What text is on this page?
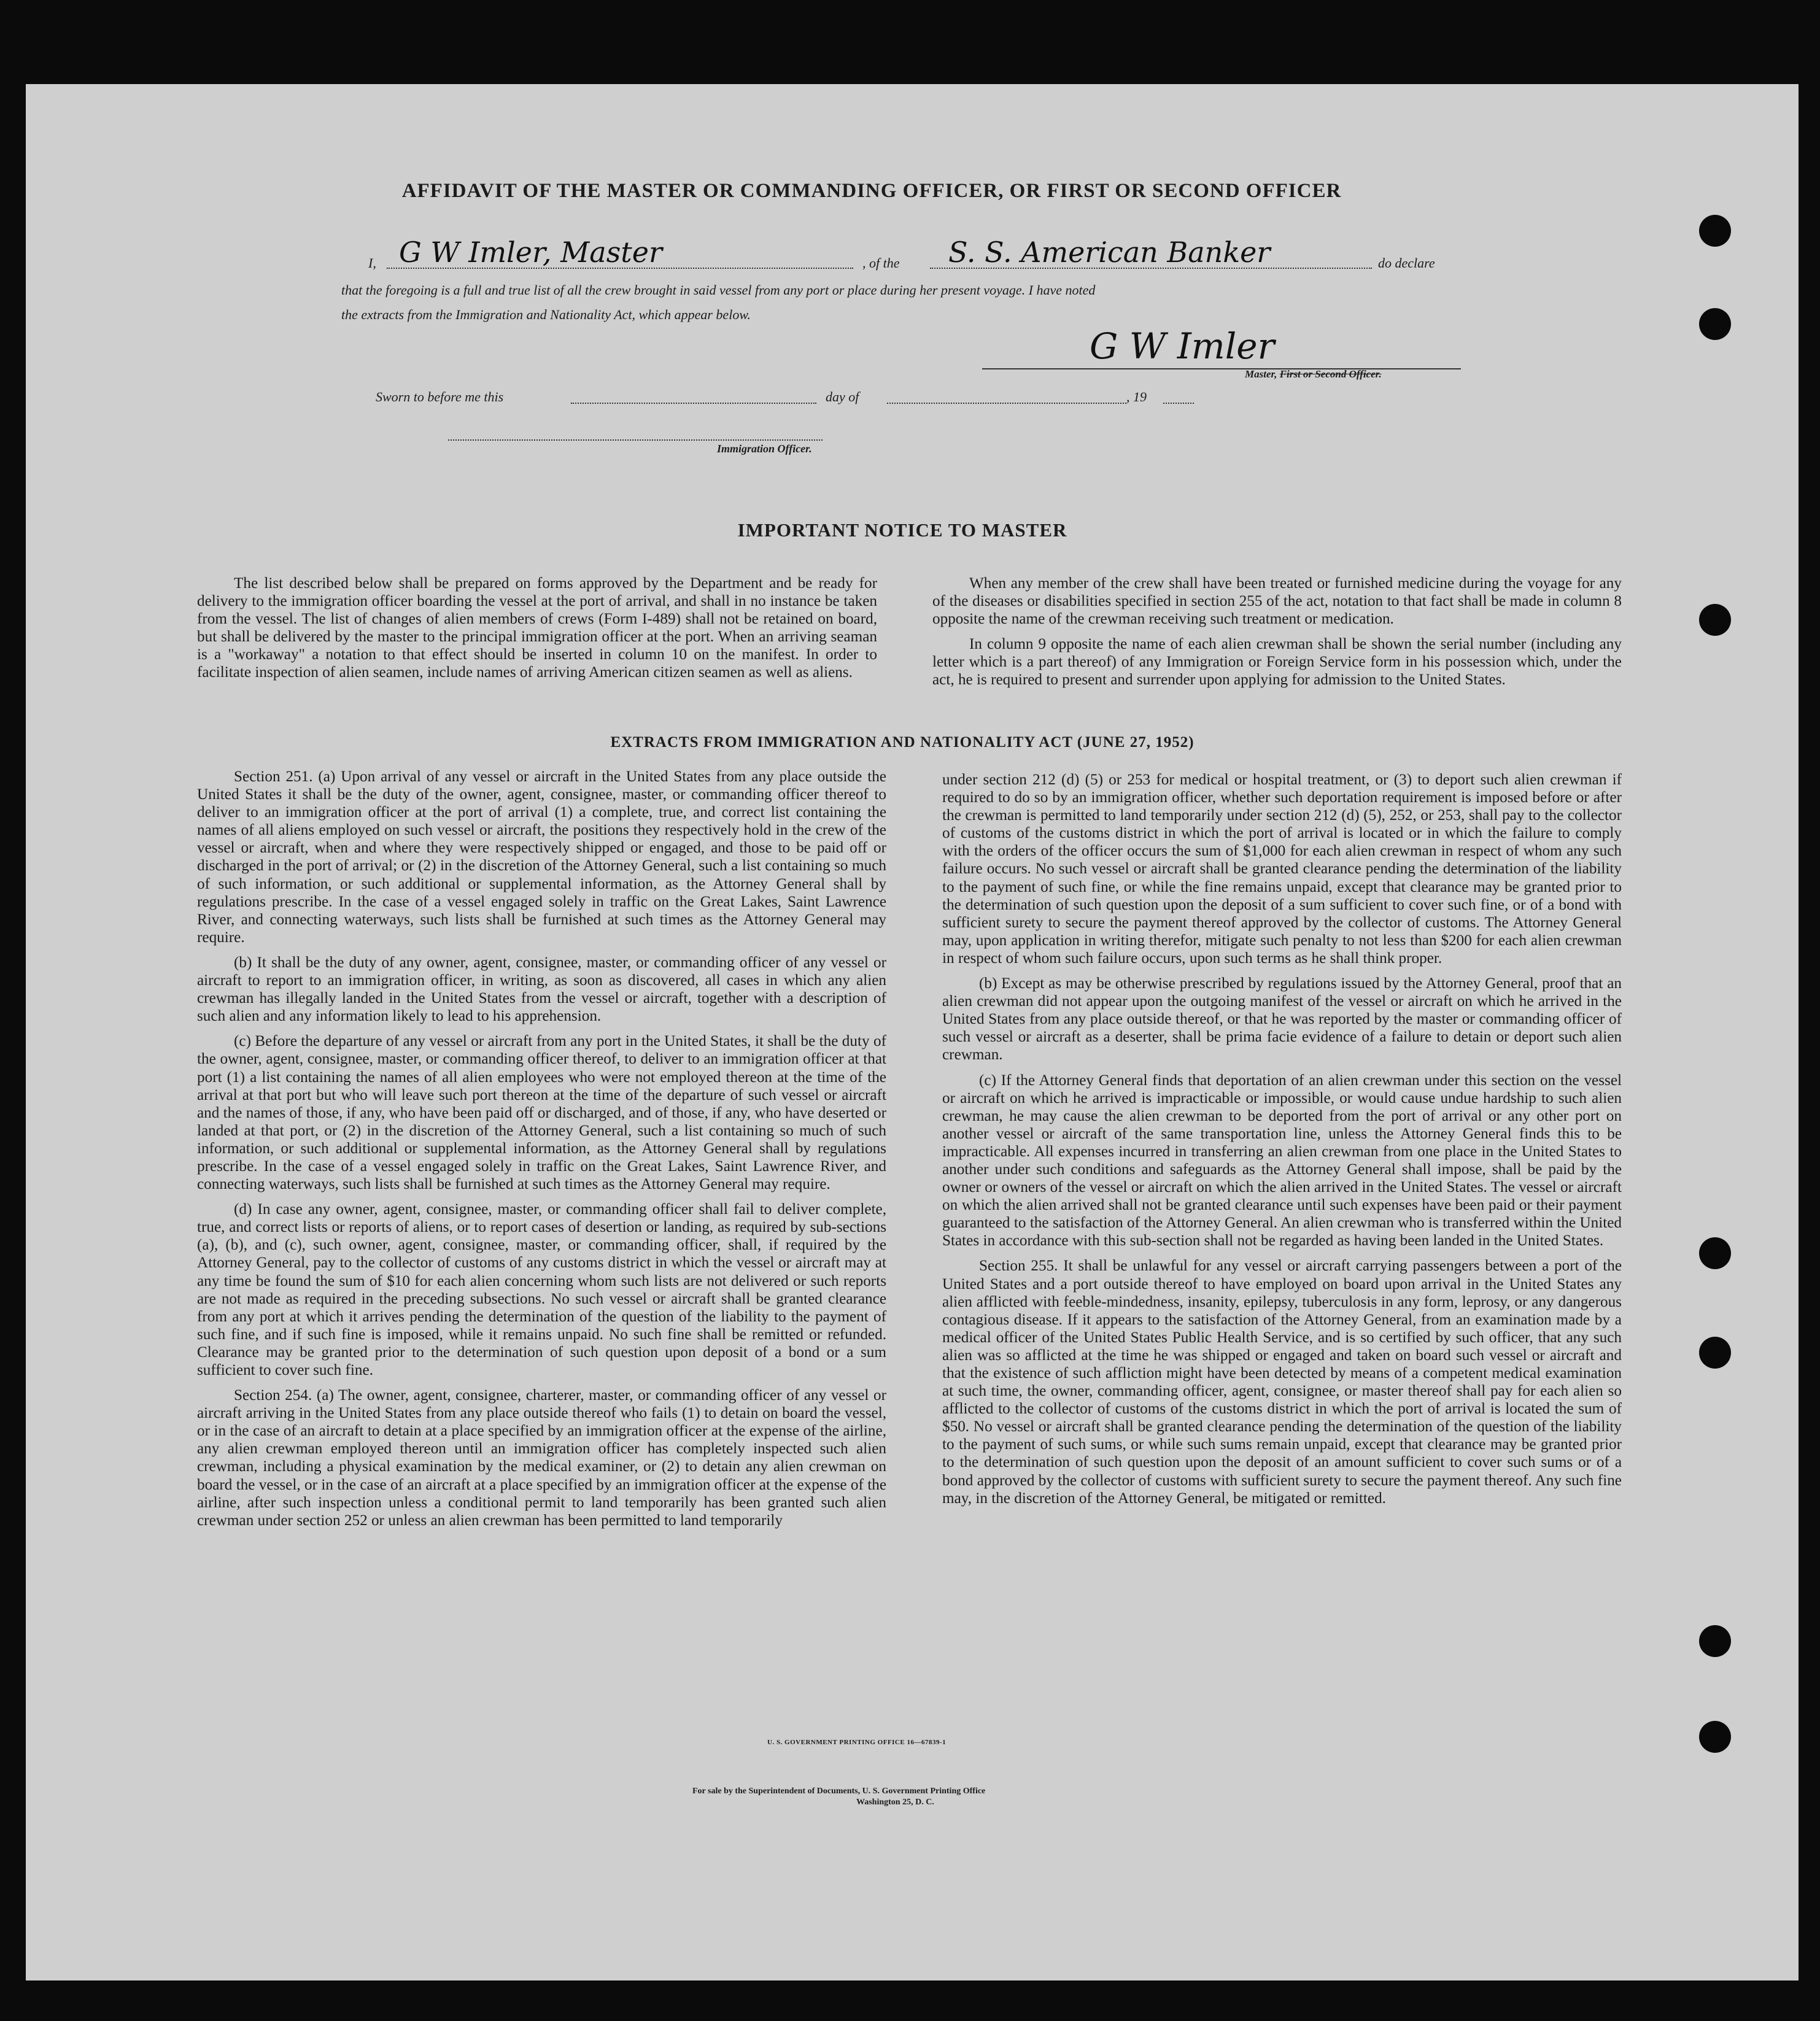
AFFIDAVIT OF THE MASTER OR COMMANDING OFFICER, OR FIRST OR SECOND OFFICER
I, G W Imler, Master	, of the S. S. American Banker	do declare
that the foregoing is a full and true list of all the crew brought in said vessel from any port or place during her present voyage. I have noted
the extracts from the Immigration and Nationality Act, which appear below.
G W Imler
Master, First or Second Officer.
Sworn to before me this	day of	, 19
Immigration Officer.
IMPORTANT NOTICE TO MASTER

The list described below shall be prepared on forms approved by the Department and be ready for delivery to the immigration officer boarding the vessel at the port of arrival, and shall in no instance be taken from the vessel. The list of changes of alien members of crews (Form I-489) shall not be retained on board, but shall be delivered by the master to the principal immigration officer at the port. When an arriving seaman is a "workaway" a notation to that effect should be inserted in column 10 on the manifest. In order to facilitate inspection of alien seamen, include names of arriving American citizen seamen as well as aliens.

When any member of the crew shall have been treated or furnished medicine during the voyage for any of the diseases or disabilities specified in section 255 of the act, notation to that fact shall be made in column 8 opposite the name of the crewman receiving such treatment or medication.

In column 9 opposite the name of each alien crewman shall be shown the serial number (including any letter which is a part thereof) of any Immigration or Foreign Service form in his possession which, under the act, he is required to present and surrender upon applying for admission to the United States.

EXTRACTS FROM IMMIGRATION AND NATIONALITY ACT (JUNE 27, 1952)

Section 251. (a) Upon arrival of any vessel or aircraft in the United States from any place outside the United States it shall be the duty of the owner, agent, consignee, master, or commanding officer thereof to deliver to an immigration officer at the port of arrival (1) a complete, true, and correct list containing the names of all aliens employed on such vessel or aircraft, the positions they respectively hold in the crew of the vessel or aircraft, when and where they were respectively shipped or engaged, and those to be paid off or discharged in the port of arrival; or (2) in the discretion of the Attorney General, such a list containing so much of such information, or such additional or supplemental information, as the Attorney General shall by regulations prescribe. In the case of a vessel engaged solely in traffic on the Great Lakes, Saint Lawrence River, and connecting waterways, such lists shall be furnished at such times as the Attorney General may require.

(b) It shall be the duty of any owner, agent, consignee, master, or commanding officer of any vessel or aircraft to report to an immigration officer, in writing, as soon as discovered, all cases in which any alien crewman has illegally landed in the United States from the vessel or aircraft, together with a description of such alien and any information likely to lead to his apprehension.

(c) Before the departure of any vessel or aircraft from any port in the United States, it shall be the duty of the owner, agent, consignee, master, or commanding officer thereof, to deliver to an immigration officer at that port (1) a list containing the names of all alien employees who were not employed thereon at the time of the arrival at that port but who will leave such port thereon at the time of the departure of such vessel or aircraft and the names of those, if any, who have been paid off or discharged, and of those, if any, who have deserted or landed at that port, or (2) in the discretion of the Attorney General, such a list containing so much of such information, or such additional or supplemental information, as the Attorney General shall by regulations prescribe. In the case of a vessel engaged solely in traffic on the Great Lakes, Saint Lawrence River, and connecting waterways, such lists shall be furnished at such times as the Attorney General may require.

(d) In case any owner, agent, consignee, master, or commanding officer shall fail to deliver complete, true, and correct lists or reports of aliens, or to report cases of desertion or landing, as required by sub-sections (a), (b), and (c), such owner, agent, consignee, master, or commanding officer, shall, if required by the Attorney General, pay to the collector of customs of any customs district in which the vessel or aircraft may at any time be found the sum of $10 for each alien concerning whom such lists are not delivered or such reports are not made as required in the preceding subsections. No such vessel or aircraft shall be granted clearance from any port at which it arrives pending the determination of the question of the liability to the payment of such fine, and if such fine is imposed, while it remains unpaid. No such fine shall be remitted or refunded. Clearance may be granted prior to the determination of such question upon deposit of a bond or a sum sufficient to cover such fine.

Section 254. (a) The owner, agent, consignee, charterer, master, or commanding officer of any vessel or aircraft arriving in the United States from any place outside thereof who fails (1) to detain on board the vessel, or in the case of an aircraft to detain at a place specified by an immigration officer at the expense of the airline, any alien crewman employed thereon until an immigration officer has completely inspected such alien crewman, including a physical examination by the medical examiner, or (2) to detain any alien crewman on board the vessel, or in the case of an aircraft at a place specified by an immigration officer at the expense of the airline, after such inspection unless a conditional permit to land temporarily has been granted such alien crewman under section 252 or unless an alien crewman has been permitted to land temporarily

under section 212 (d) (5) or 253 for medical or hospital treatment, or (3) to deport such alien crewman if required to do so by an immigration officer, whether such deportation requirement is imposed before or after the crewman is permitted to land temporarily under section 212 (d) (5), 252, or 253, shall pay to the collector of customs of the customs district in which the port of arrival is located or in which the failure to comply with the orders of the officer occurs the sum of $1,000 for each alien crewman in respect of whom any such failure occurs. No such vessel or aircraft shall be granted clearance pending the determination of the liability to the payment of such fine, or while the fine remains unpaid, except that clearance may be granted prior to the determination of such question upon the deposit of a sum sufficient to cover such fine, or of a bond with sufficient surety to secure the payment thereof approved by the collector of customs. The Attorney General may, upon application in writing therefor, mitigate such penalty to not less than $200 for each alien crewman in respect of whom such failure occurs, upon such terms as he shall think proper.

(b) Except as may be otherwise prescribed by regulations issued by the Attorney General, proof that an alien crewman did not appear upon the outgoing manifest of the vessel or aircraft on which he arrived in the United States from any place outside thereof, or that he was reported by the master or commanding officer of such vessel or aircraft as a deserter, shall be prima facie evidence of a failure to detain or deport such alien crewman.

(c) If the Attorney General finds that deportation of an alien crewman under this section on the vessel or aircraft on which he arrived is impracticable or impossible, or would cause undue hardship to such alien crewman, he may cause the alien crewman to be deported from the port of arrival or any other port on another vessel or aircraft of the same transportation line, unless the Attorney General finds this to be impracticable. All expenses incurred in transferring an alien crewman from one place in the United States to another under such conditions and safeguards as the Attorney General shall impose, shall be paid by the owner or owners of the vessel or aircraft on which the alien arrived in the United States. The vessel or aircraft on which the alien arrived shall not be granted clearance until such expenses have been paid or their payment guaranteed to the satisfaction of the Attorney General. An alien crewman who is transferred within the United States in accordance with this sub-section shall not be regarded as having been landed in the United States.

Section 255. It shall be unlawful for any vessel or aircraft carrying passengers between a port of the United States and a port outside thereof to have employed on board upon arrival in the United States any alien afflicted with feeble-mindedness, insanity, epilepsy, tuberculosis in any form, leprosy, or any dangerous contagious disease. If it appears to the satisfaction of the Attorney General, from an examination made by a medical officer of the United States Public Health Service, and is so certified by such officer, that any such alien was so afflicted at the time he was shipped or engaged and taken on board such vessel or aircraft and that the existence of such affliction might have been detected by means of a competent medical examination at such time, the owner, commanding officer, agent, consignee, or master thereof shall pay for each alien so afflicted to the collector of customs of the customs district in which the port of arrival is located the sum of $50. No vessel or aircraft shall be granted clearance pending the determination of the question of the liability to the payment of such sums, or while such sums remain unpaid, except that clearance may be granted prior to the determination of such question upon the deposit of an amount sufficient to cover such sums or of a bond approved by the collector of customs with sufficient surety to secure the payment thereof. Any such fine may, in the discretion of the Attorney General, be mitigated or remitted.

U. S. GOVERNMENT PRINTING OFFICE 16—67839-1
For sale by the Superintendent of Documents, U. S. Government Printing Office
Washington 25, D. C.
